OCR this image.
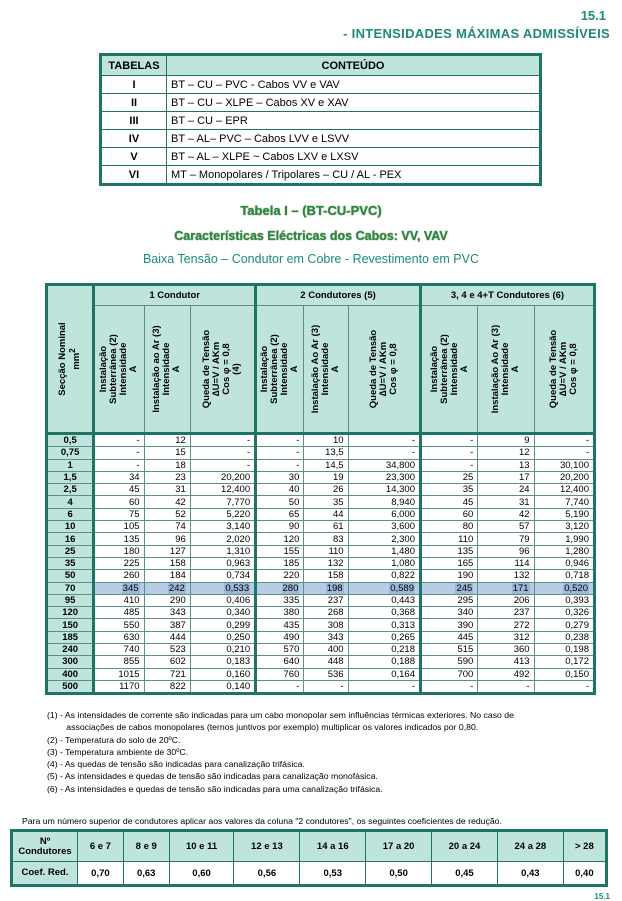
15.1
- INTENSIDADES MÁXIMAS ADMISSÍVEIS
TABELAS	CONTEÚDO
I	BT – CU – PVC - Cabos VV e VAV
II	BT – CU – XLPE – Cabos XV e XAV
III	BT – CU – EPR
IV	BT – AL– PVC – Cabos LVV e LSVV
V	BT – AL – XLPE ~ Cabos LXV e LXSV
VI	MT – Monopolares / Tripolares – CU / AL - PEX
Tabela I – (BT-CU-PVC)
Características Eléctricas dos Cabos: VV, VAV
Baixa Tensão – Condutor em Cobre - Revestimento em PVC
Secção Nominal $mm^2$	1 Condutor			2 Condutores (5)			3, 4 e 4+T Condutores (6)		

	Instalação
Subterrânea (2)
Intensidade
A	Instalação ao Ar (3)
Intensidade
A	Queda de Tensão
∆U=V / AKm
Cos φ = 0,8
(4)	Instalação
Subterrânea (2)
Intensidade
A	Instalação Ao Ar (3)
Intensidade
A	Queda de Tensão
∆U=V / AKm
Cos φ = 0,8	Instalação
Subterrânea (2)
Intensidade
A	Instalação Ao Ar (3)
Intensidade
A	Queda de Tensão
∆U=V / AKm
Cos φ = 0,8

0,5	-	12	-	-	10	-	-	9	-
0,75	-	15	-	-	13,5	-	-	12	-
1	-	18	-	-	14,5	34,800	-	13	30,100
1,5	34	23	20,200	30	19	23,300	25	17	20,200
2,5	45	31	12,400	40	26	14,300	35	24	12,400
4	60	42	7,770	50	35	8,940	45	31	7,740
6	75	52	5,220	65	44	6,000	60	42	5,190
10	105	74	3,140	90	61	3,600	80	57	3,120
16	135	96	2,020	120	83	2,300	110	79	1,990
25	180	127	1,310	155	110	1,480	135	96	1,280
35	225	158	0,963	185	132	1,080	165	114	0,946
50	260	184	0,734	220	158	0,822	190	132	0,718
70	345	242	0,533	280	198	0,589	245	171	0,520
95	410	290	0,406	335	237	0,443	295	206	0,393
120	485	343	0,340	380	268	0,368	340	237	0,326
150	550	387	0,299	435	308	0,313	390	272	0,279
185	630	444	0,250	490	343	0,265	445	312	0,238
240	740	523	0,210	570	400	0,218	515	360	0,198
300	855	602	0,183	640	448	0,188	590	413	0,172
400	1015	721	0,160	760	536	0,164	700	492	0,150
500	1170	822	0,140	-	-	-	-	-	-
(1) - As intensidades de corrente são indicadas para um cabo monopolar sem influências térmicas exteriores. No caso de
associações de cabos monopolares (ternos juntivos por exemplo) multiplicar os valores indicados por 0,80.
(2) - Temperatura do solo de 20ºC.
(3) - Temperatura ambiente de 30ºC.
(4) - As quedas de tensão são indicadas para canalização trifásica.
(5) - As intensidades e quedas de tensão são indicadas para canalização monofásica.
(6) - As intensidades e quedas de tensão são indicadas para uma canalização trifásica.
Para um número superior de condutores aplicar aos valores da coluna "2 condutores", os seguintes coeficientes de redução.
Nº
Condutores	6 e 7	8 e 9	10 e 11	12 e 13	14 a 16	17 a 20	20 a 24	24 a 28	> 28
Coef. Red.	0,70	0,63	0,60	0,56	0,53	0,50	0,45	0,43	0,40
15.1
